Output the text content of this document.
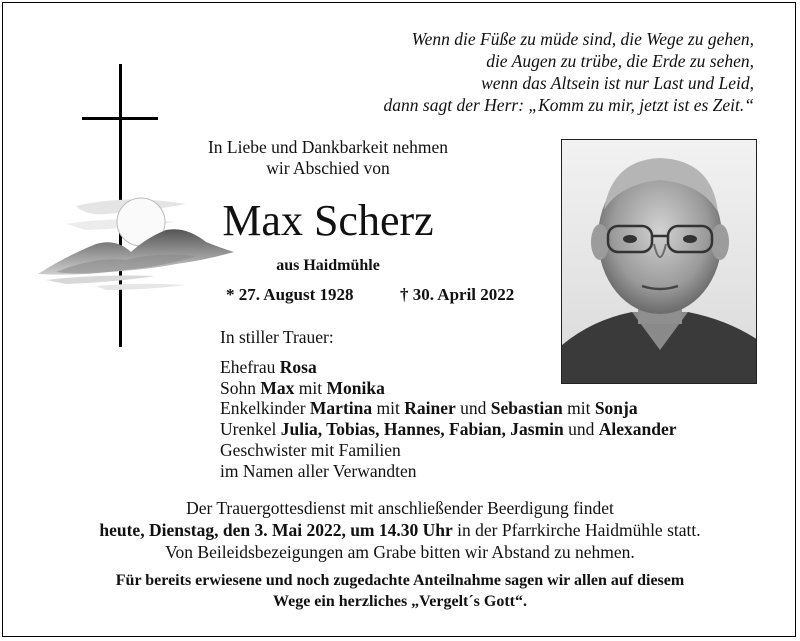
Wenn die Füße zu müde sind, die Wege zu gehen,
die Augen zu trübe, die Erde zu sehen,
wenn das Altsein ist nur Last und Leid,
dann sagt der Herr: „Komm zu mir, jetzt ist es Zeit.“
In Liebe und Dankbarkeit nehmen wir Abschied von
Max Scherz
aus Haidmühle
* 27. August 1928	† 30. April 2022
In stiller Trauer:
Ehefrau Rosa
Sohn Max mit Monika
Enkelkinder Martina mit Rainer und Sebastian mit Sonja
Urenkel Julia, Tobias, Hannes, Fabian, Jasmin und Alexander
Geschwister mit Familien
im Namen aller Verwandten
Der Trauergottesdienst mit anschließender Beerdigung findet
heute, Dienstag, den 3. Mai 2022, um 14.30 Uhr in der Pfarrkirche Haidmühle statt.
Von Beileidsbezeigungen am Grabe bitten wir Abstand zu nehmen.
Für bereits erwiesene und noch zugedachte Anteilnahme sagen wir allen auf diesem
Wege ein herzliches „Vergelt´s Gott“.
